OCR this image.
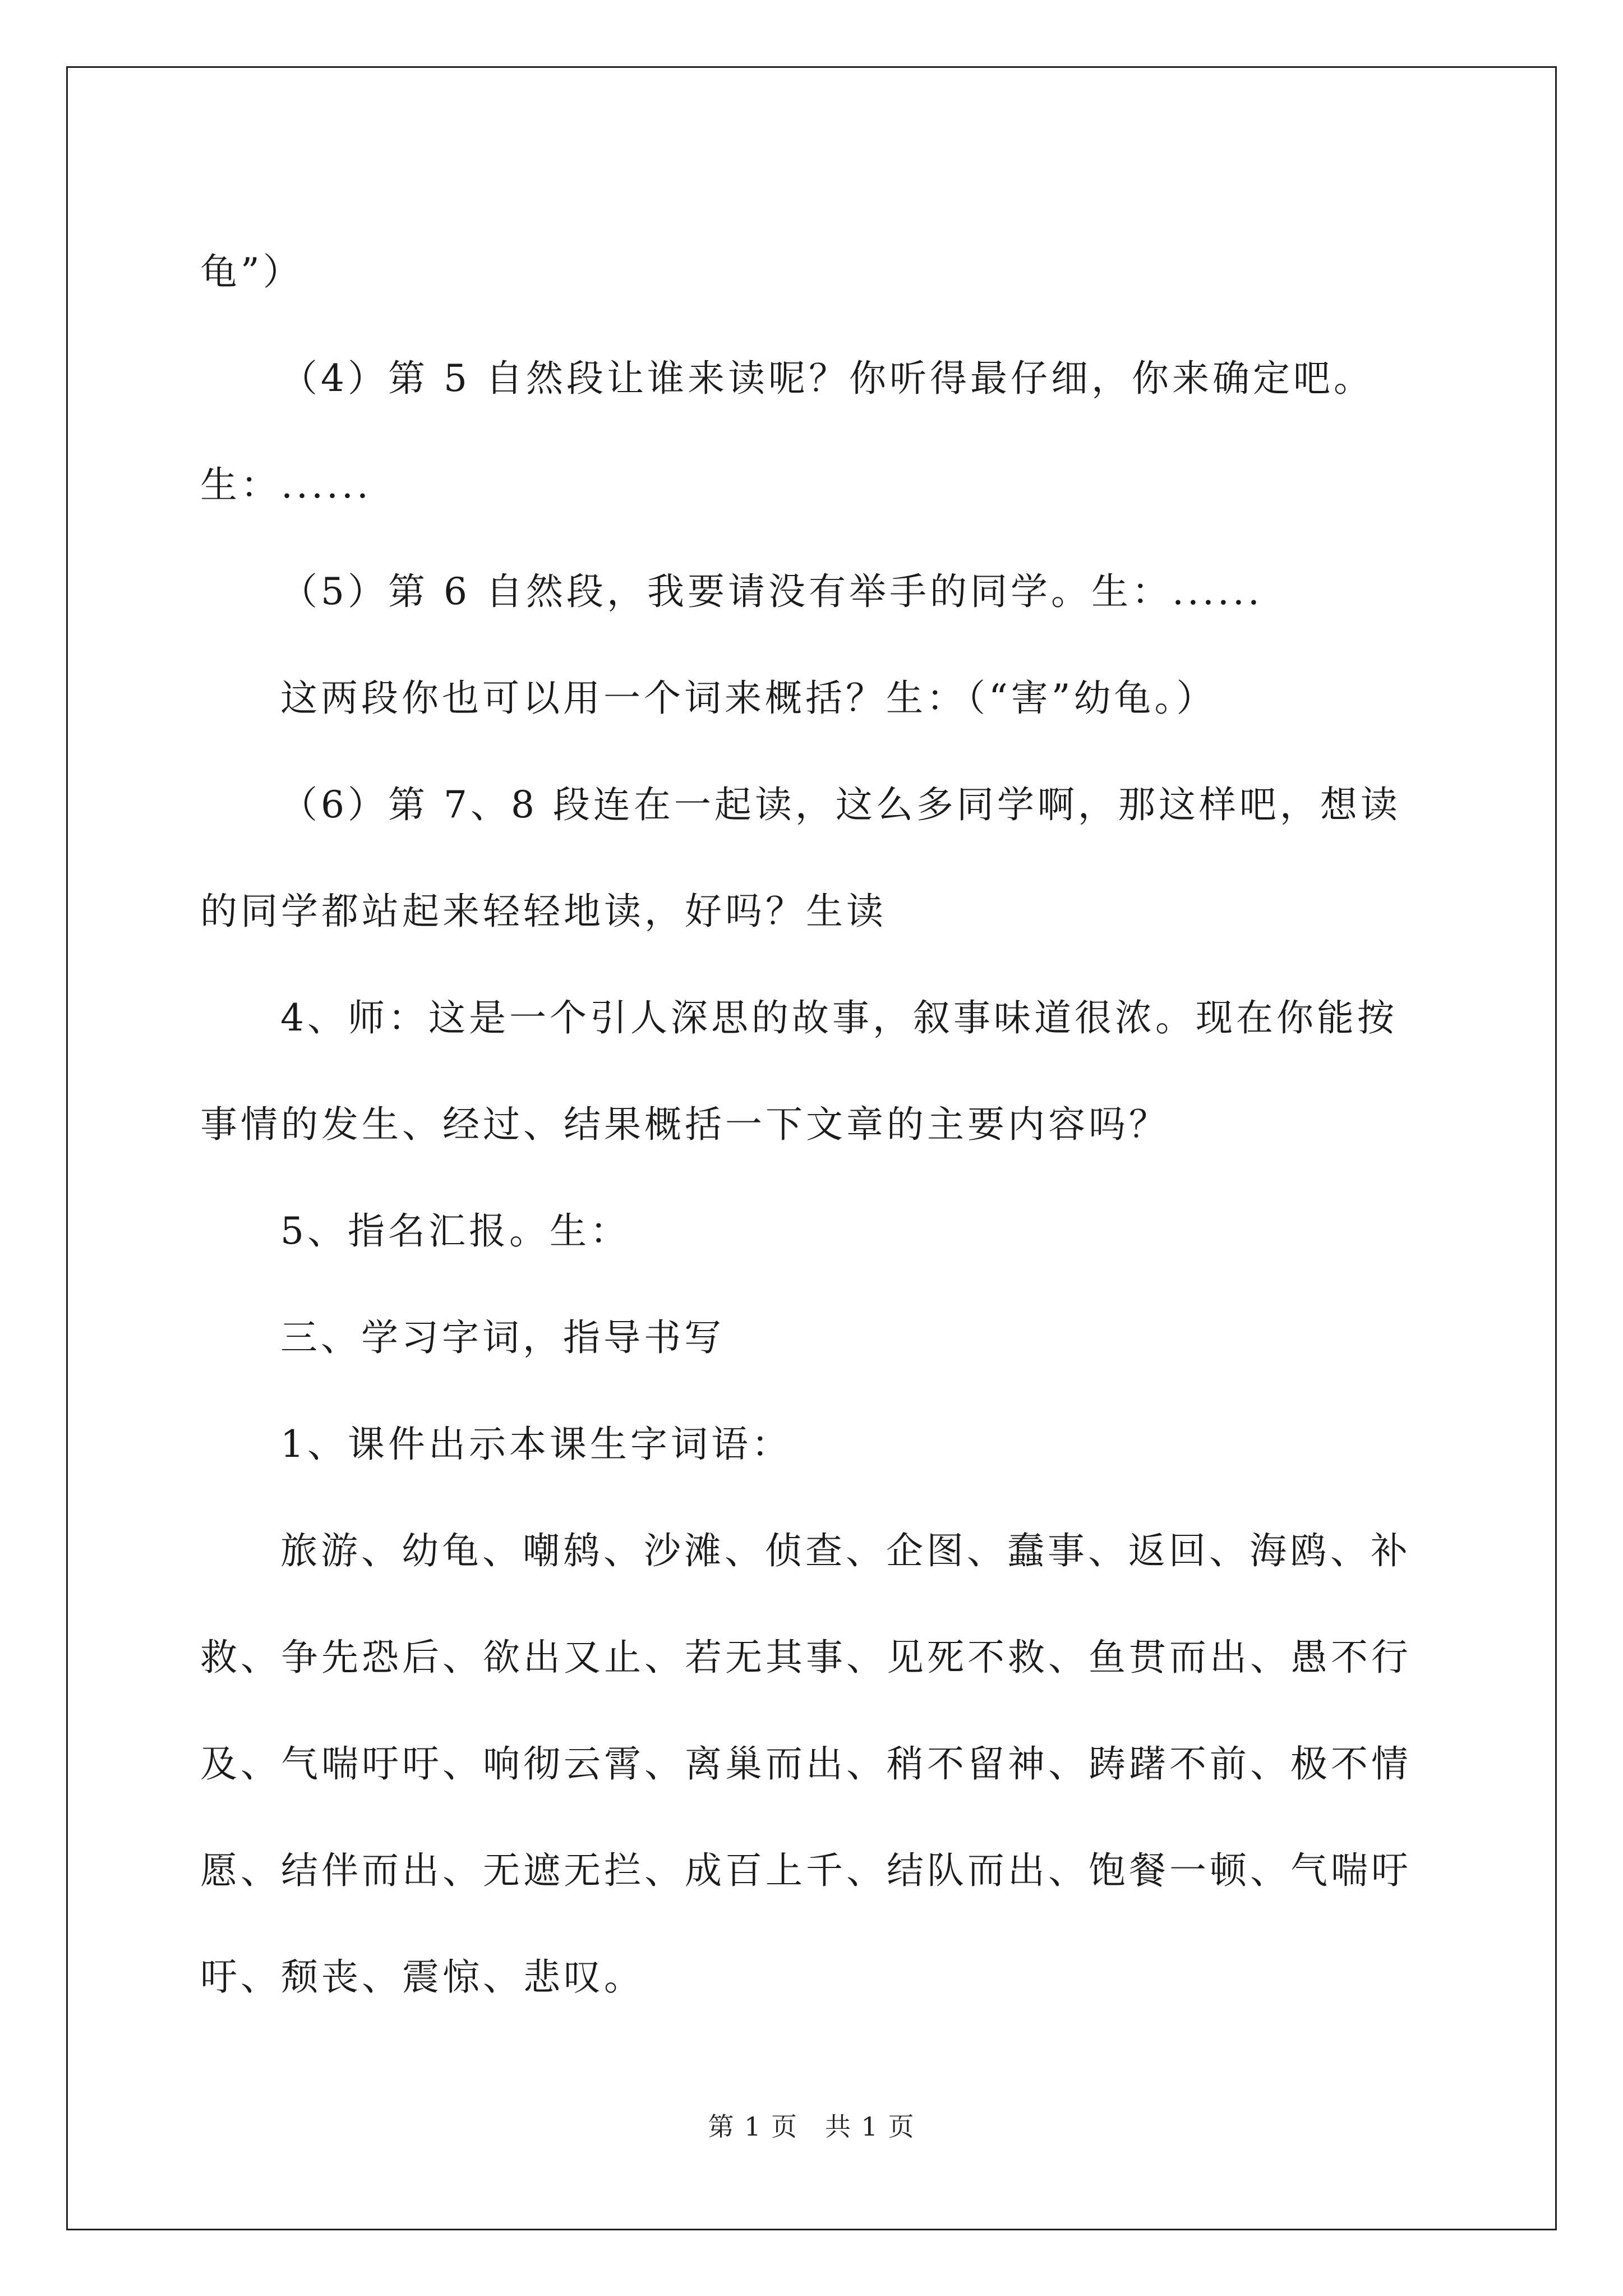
龟”）

（4）第 5 自然段让谁来读呢？你听得最仔细，你来确定吧。生：......

（5）第 6 自然段，我要请没有举手的同学。生：......

这两段你也可以用一个词来概括？生：（“害”幼龟。）

（6）第 7、8 段连在一起读，这么多同学啊，那这样吧，想读的同学都站起来轻轻地读，好吗？生读

4、师：这是一个引人深思的故事，叙事味道很浓。现在你能按事情的发生、经过、结果概括一下文章的主要内容吗？

5、指名汇报。生：

三、学习字词，指导书写

1、课件出示本课生字词语：

旅游、幼龟、嘲鸫、沙滩、侦查、企图、蠢事、返回、海鸥、补救、争先恐后、欲出又止、若无其事、见死不救、鱼贯而出、愚不行及、气喘吁吁、响彻云霄、离巢而出、稍不留神、踌躇不前、极不情愿、结伴而出、无遮无拦、成百上千、结队而出、饱餐一顿、气喘吁吁、颓丧、震惊、悲叹。

第 1 页　共 1 页
